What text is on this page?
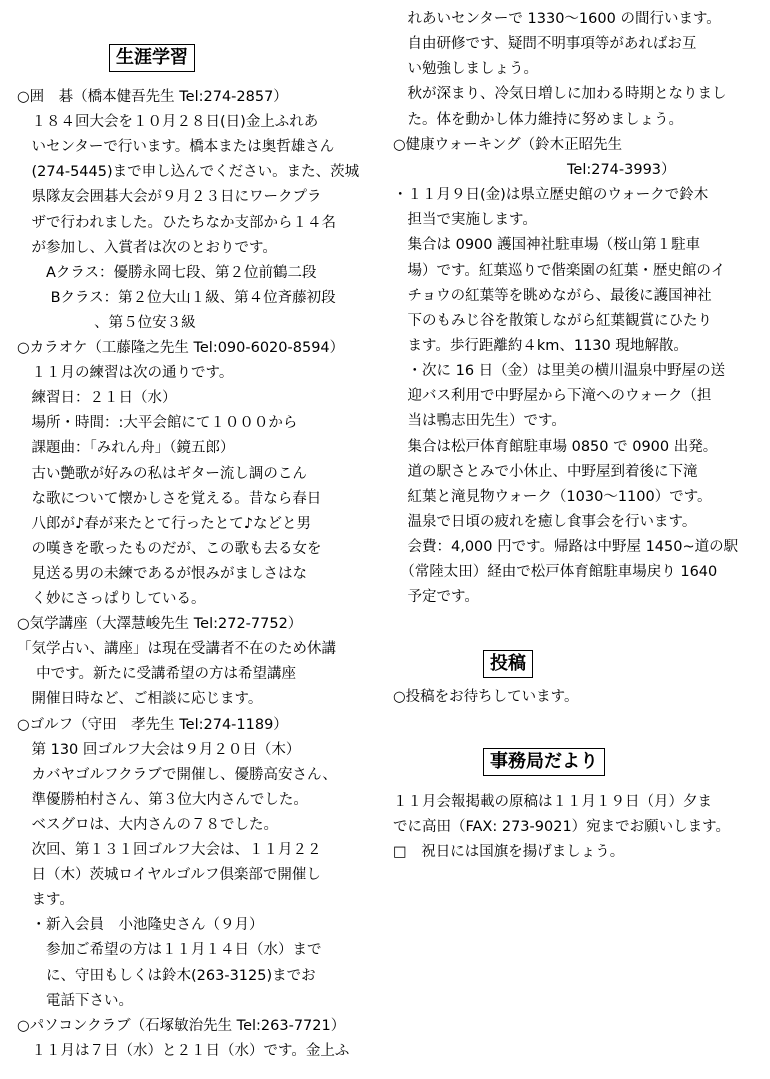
生涯学習
○囲　碁（橋本健吾先生 Tel:274-2857）
　１８４回大会を１０月２８日(日)金上ふれあ
　いセンターで行います。橋本または奥哲雄さん
　(274-5445)まで申し込んでください。また、茨城
　県隊友会囲碁大会が９月２３日にワークプラ
　ザで行われました。ひたちなか支部から１４名
　が参加し、入賞者は次のとおりです。
　　Aクラス：優勝永岡七段、第２位前鶴二段
　　 Bクラス：第２位大山１級、第４位斉藤初段
　　　　　 、第５位安３級
○カラオケ（工藤隆之先生 Tel:090-6020-8594）
　１１月の練習は次の通りです。
　練習日：２１日（水）
　場所・時間：:大平会館にて１０００から
　課題曲：「みれん舟」（鏡五郎）
　古い艶歌が好みの私はギター流し調のこん
　な歌について懐かしさを覚える。昔なら春日
　八郎が♪春が来たとて行ったとて♪などと男
　の嘆きを歌ったものだが、この歌も去る女を
　見送る男の未練であるが恨みがましさはな
　く妙にさっぱりしている。
○気学講座（大澤慧峻先生 Tel:272-7752）
「気学占い、講座」は現在受講者不在のため休講
　 中です。新たに受講希望の方は希望講座
　開催日時など、ご相談に応じます。
○ゴルフ（守田　孝先生 Tel:274-1189）
　第 130 回ゴルフ大会は９月２０日（木）
　カバヤゴルフクラブで開催し、優勝高安さん、
　準優勝柏村さん、第３位大内さんでした。
　ベスグロは、大内さんの７８でした。
　次回、第１３１回ゴルフ大会は、１１月２２
　日（木）茨城ロイヤルゴルフ倶楽部で開催し
　ます。
　・新入会員　小池隆史さん（９月）
　　参加ご希望の方は１１月１４日（水）まで
　　に、守田もしくは鈴木(263-3125)までお
　　電話下さい。
○パソコンクラブ（石塚敏治先生 Tel:263-7721）
　１１月は７日（水）と２１日（水）です。金上ふ
　れあいセンターで 1330～1600 の間行います。
　自由研修です、疑問不明事項等があればお互
　い勉強しましょう。
　秋が深まり、冷気日増しに加わる時期となりまし
　た。体を動かし体力維持に努めましょう。
○健康ウォーキング（鈴木正昭先生
　　　　　　　　　　　　Tel:274-3993）
・１１月９日(金)は県立歴史館のウォークで鈴木
　担当で実施します。
　集合は 0900 護国神社駐車場（桜山第１駐車
　場）です。紅葉巡りで偕楽園の紅葉・歴史館のイ
　チョウの紅葉等を眺めながら、最後に護国神社
　下のもみじ谷を散策しながら紅葉観賞にひたり
　ます。歩行距離約４km、1130 現地解散。
　・次に 16 日（金）は里美の横川温泉中野屋の送
　迎バス利用で中野屋から下滝へのウォーク（担
　当は鴨志田先生）です。
　集合は松戸体育館駐車場 0850 で 0900 出発。
　道の駅さとみで小休止、中野屋到着後に下滝
　紅葉と滝見物ウォーク（1030～1100）です。
　温泉で日頃の疲れを癒し食事会を行います。
　会費：4,000 円です。帰路は中野屋 1450~道の駅
　（常陸太田）経由で松戸体育館駐車場戻り 1640
　予定です。
投稿
○投稿をお待ちしています。
事務局だより
１１月会報掲載の原稿は１１月１９日（月）夕ま
でに高田（FAX: 273-9021）宛までお願いします。
□　祝日には国旗を揚げましょう。
